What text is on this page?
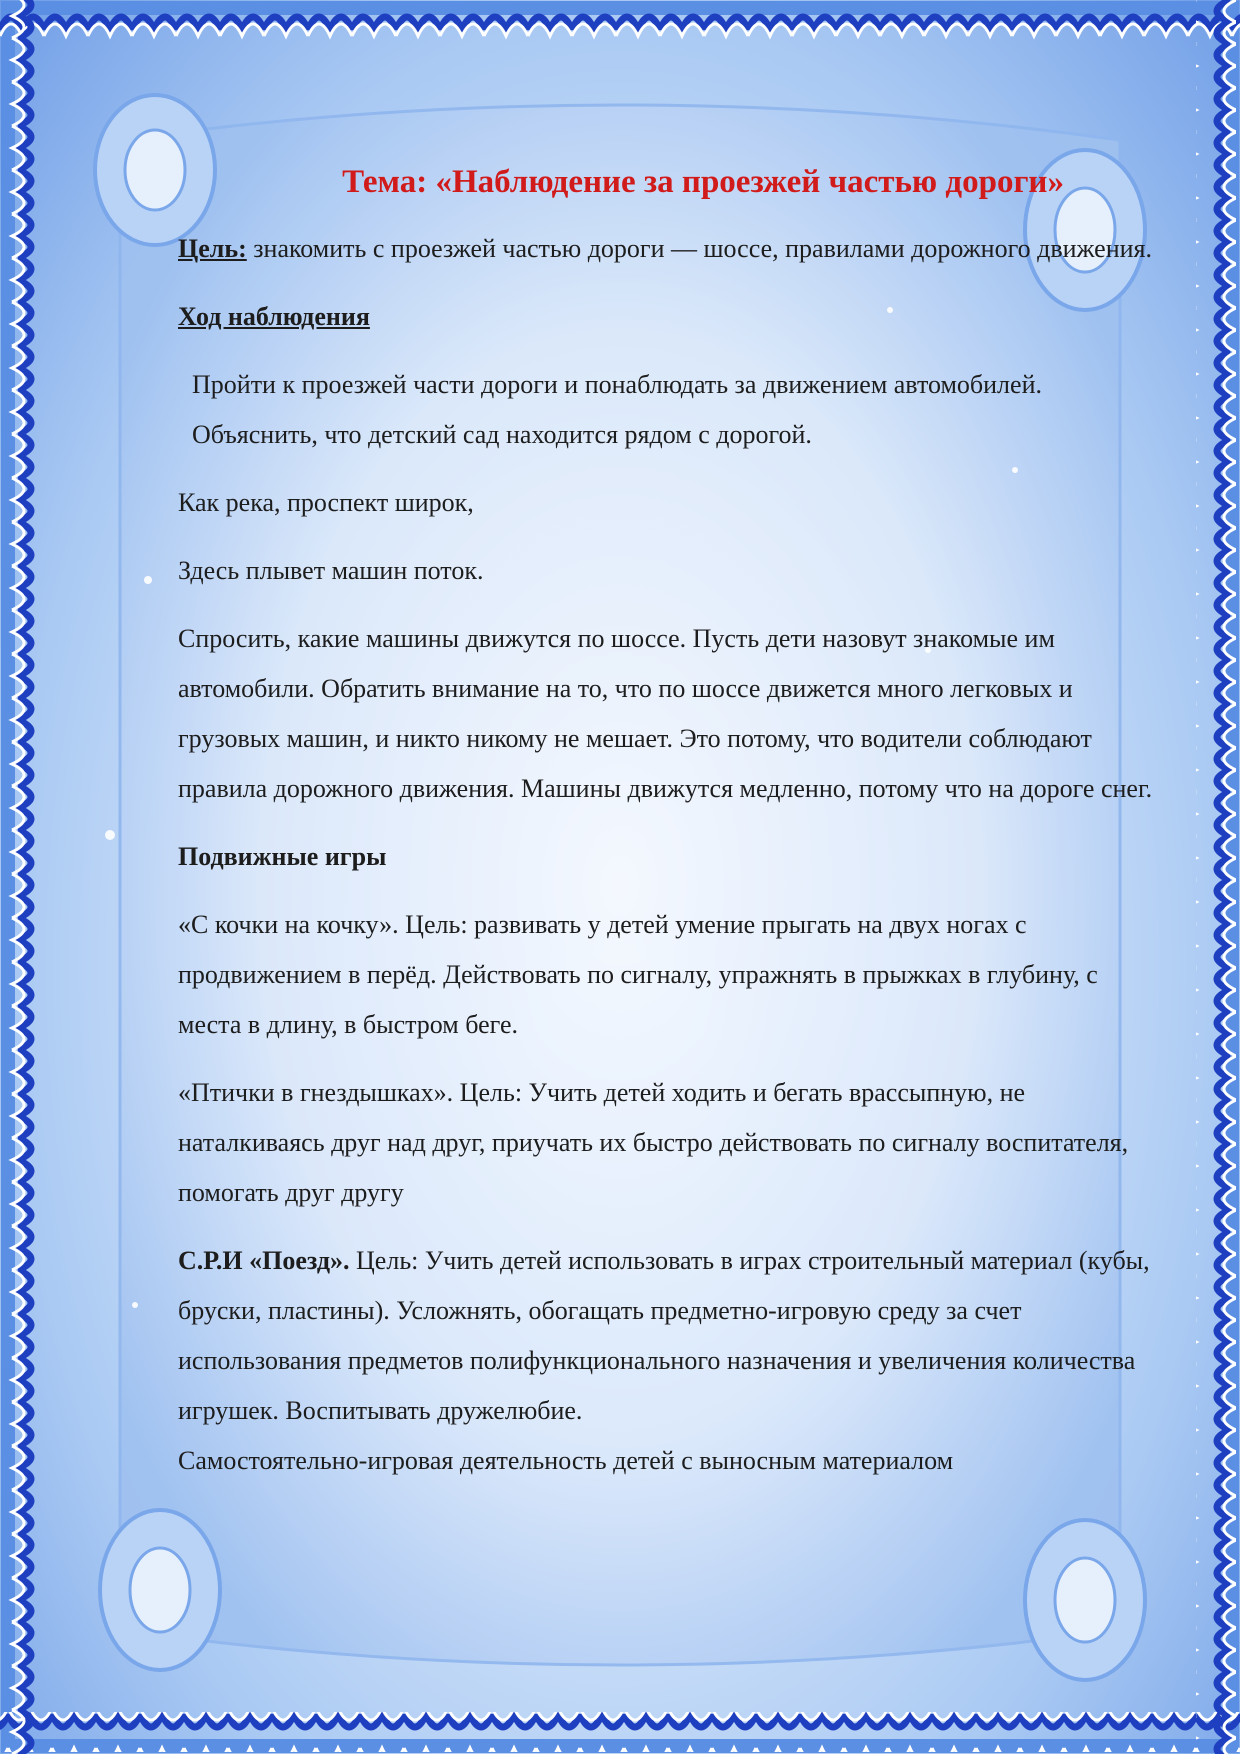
Тема: «Наблюдение за проезжей частью дороги»

Цель: знакомить с проезжей частью дороги — шоссе, правилами дорожного движения.

Ход наблюдения

Пройти к проезжей части дороги и понаблюдать за движением автомобилей. Объяснить, что детский сад находится рядом с дорогой.

Как река, проспект широк,

Здесь плывет машин поток.

Спросить, какие машины движутся по шоссе. Пусть дети назовут знакомые им автомобили. Обратить внимание на то, что по шоссе движется много легковых и грузовых машин, и никто никому не мешает. Это потому, что водители соблюдают правила дорожного движения. Машины движутся медленно, потому что на дороге снег.

Подвижные игры

«С кочки на кочку». Цель: развивать у детей умение прыгать на двух ногах с продвижением в перёд. Действовать по сигналу, упражнять в прыжках в глубину, с места в длину, в быстром беге.

«Птички в гнездышках». Цель: Учить детей ходить и бегать врассыпную, не наталкиваясь друг над друг, приучать их быстро действовать по сигналу воспитателя, помогать друг другу

С.Р.И «Поезд». Цель: Учить детей использовать в играх строительный материал (кубы, бруски, пластины). Усложнять, обогащать предметно-игровую среду за счет использования предметов полифункционального назначения и увеличения количества игрушек. Воспитывать дружелюбие.

Самостоятельно-игровая деятельность детей с выносным материалом
